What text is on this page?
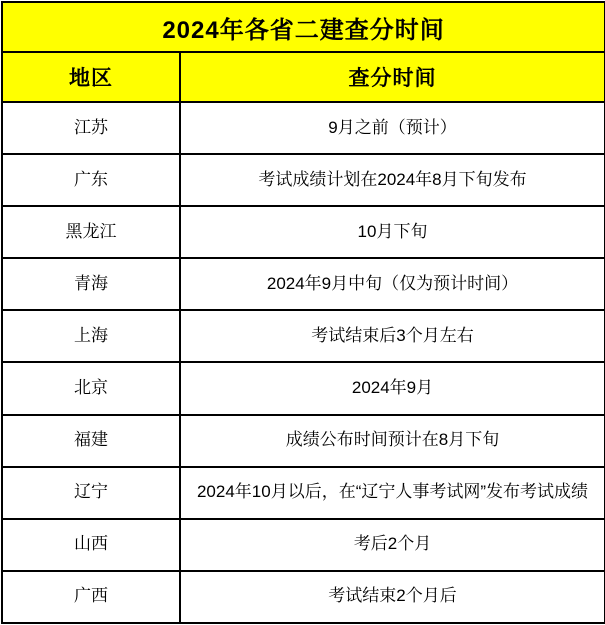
2024年各省二建查分时间	
地区	查分时间
江苏	9月之前（预计）
广东	考试成绩计划在2024年8月下旬发布
黑龙江	10月下旬
青海	2024年9月中旬（仅为预计时间）
上海	考试结束后3个月左右
北京	2024年9月
福建	成绩公布时间预计在8月下旬
辽宁	2024年10月以后，在“辽宁人事考试网”发布考试成绩
山西	考后2个月
广西	考试结束2个月后
